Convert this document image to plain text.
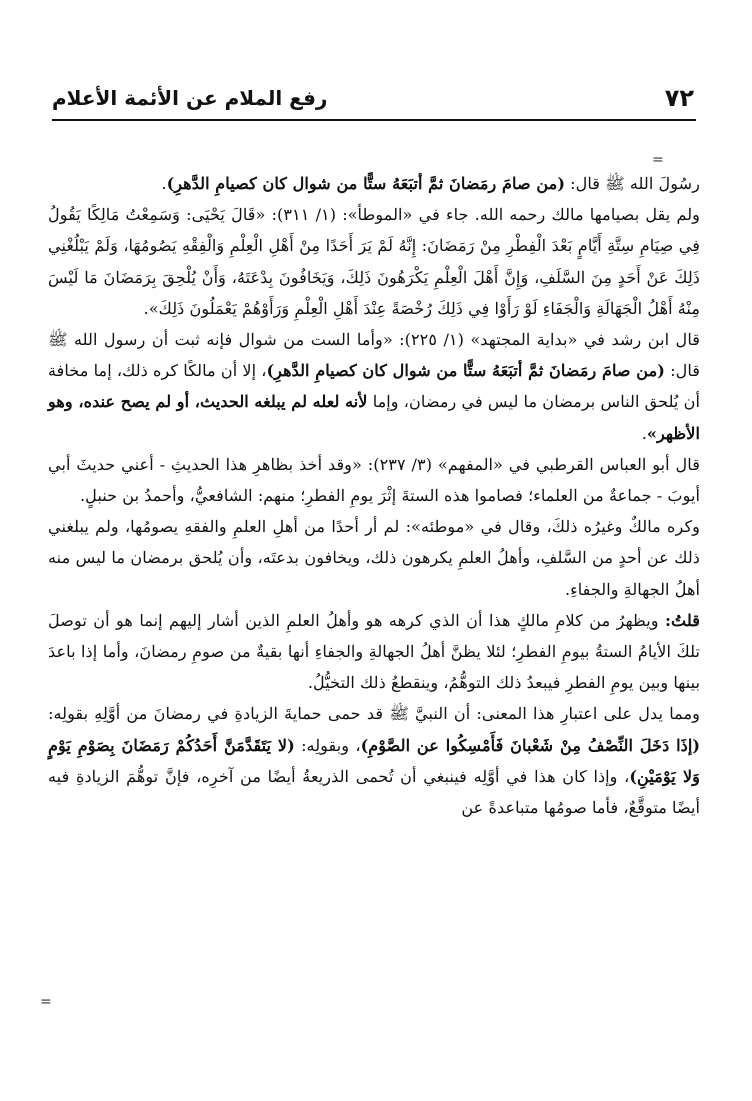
٧٢
رفع الملام عن الأئمة الأعلام
=

رسُولَ الله ﷺ قال: (من صامَ رمَضانَ ثمَّ أتبَعَهُ ستًّا من شوال كان كصيامِ الدَّهرِ).

ولم يقل بصيامها مالك رحمه الله. جاء في «الموطأ»: (١/ ٣١١): «قَالَ يَحْيَى: وَسَمِعْتُ مَالِكًا يَقُولُ فِي صِيَامِ سِتَّةِ أَيَّامٍ بَعْدَ الْفِطْرِ مِنْ رَمَضَانَ: إِنَّهُ لَمْ يَرَ أَحَدًا مِنْ أَهْلِ الْعِلْمِ وَالْفِقْهِ يَصُومُهَا، وَلَمْ يَبْلُغْنِي ذَلِكَ عَنْ أَحَدٍ مِنَ السَّلَفِ، وَإِنَّ أَهْلَ الْعِلْمِ يَكْرَهُونَ ذَلِكَ، وَيَخَافُونَ بِدْعَتَهُ، وَأَنْ يُلْحِقَ بِرَمَضَانَ مَا لَيْسَ مِنْهُ أَهْلُ الْجَهَالَةِ وَالْجَفَاءِ لَوْ رَأَوْا فِي ذَلِكَ رُخْصَةً عِنْدَ أَهْلِ الْعِلْمِ وَرَأَوْهُمْ يَعْمَلُونَ ذَلِكَ».

قال ابن رشد في «بداية المجتهد» (١/ ٢٢٥): «وأما الست من شوال فإنه ثبت أن رسول الله ﷺ قال: (من صامَ رمَضانَ ثمَّ أتبَعَهُ ستًّا من شوال كان كصيامِ الدَّهرِ)، إلا أن مالكًا كره ذلك، إما مخافة أن يُلحق الناس برمضان ما ليس في رمضان، وإما لأنه لعله لم يبلغه الحديث، أو لم يصح عنده، وهو الأظهر».

قال أبو العباس القرطبي في «المفهم» (٣/ ٢٣٧): «وقد أخذ بظاهرِ هذا الحديثِ - أعني حديثَ أبي أيوبَ - جماعةٌ من العلماء؛ فصاموا هذه الستةَ إثْرَ يومِ الفطرِ؛ منهم: الشافعيُّ، وأحمدُ بن حنبلٍ.

وكره مالكٌ وغيرُه ذلكَ، وقال في «موطئه»: لم أر أحدًا من أهلِ العلمِ والفقهِ يصومُها، ولم يبلغني ذلك عن أحدٍ من السَّلفِ، وأهلُ العلمِ يكرهون ذلك، ويخافون بدعتَه، وأن يُلحق برمضان ما ليس منه أهلُ الجهالةِ والجفاءِ.

قلتُ: ويظهرُ من كلامِ مالكٍ هذا أن الذي كرهه هو وأهلُ العلمِ الذين أشار إليهم إنما هو أن توصلَ تلكَ الأيامُ الستةُ بيومِ الفطرِ؛ لئلا يظنَّ أهلُ الجهالةِ والجفاءِ أنها بقيةٌ من صومِ رمضانَ، وأما إذا باعدَ بينها وبين يومِ الفطرِ فيبعدُ ذلك التوهُّمُ، وينقطعُ ذلك التخيُّلُ.

ومما يدل على اعتبارِ هذا المعنى: أن النبيَّ ﷺ قد حمى حمايةَ الزيادةِ في رمضانَ من أوَّلِهِ بقولِه: (إذَا دَخَلَ النِّصْفُ مِنْ شَعْبانَ فَأَمْسِكُوا عن الصَّوْمِ)، وبقولِه: (لا يَتَقَدَّمَنَّ أَحَدُكُمْ رَمَضَانَ بِصَوْمِ يَوْمٍ وَلا يَوْمَيْنِ)، وإذا كان هذا في أوَّلِه فينبغي أن تُحمى الذريعةُ أيضًا من آخرِه، فإنَّ توهُّمَ الزيادةِ فيه أيضًا متوقَّعٌ، فأما صومُها متباعدةً عن

=
